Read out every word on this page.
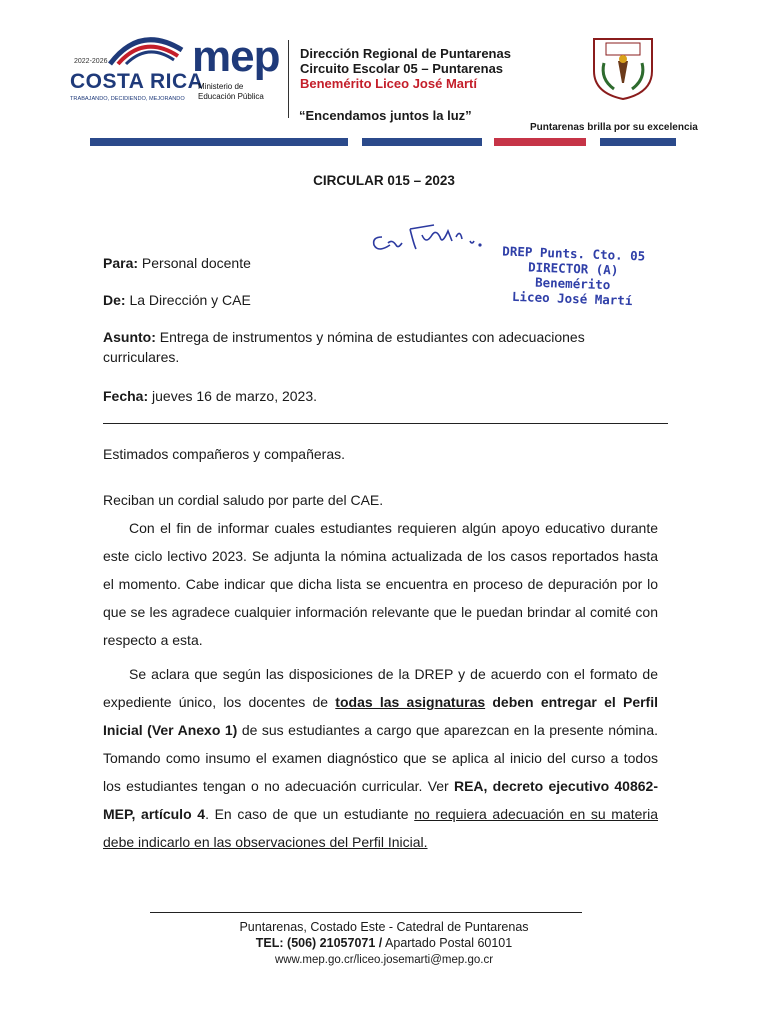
2022-2026
COSTA RICA
TRABAJANDO, DECIDIENDO, MEJORANDO
mep
Ministerio de
Educación Pública
Dirección Regional de Puntarenas
Circuito Escolar 05 – Puntarenas
Benemérito Liceo José Martí
“Encendamos juntos la luz”
Puntarenas brilla por su excelencia
CIRCULAR 015 – 2023
DREP Punts. Cto. 05
DIRECTOR (A)
Benemérito
Liceo José Martí
Para: Personal docente
De: La Dirección y CAE
Asunto: Entrega de instrumentos y nómina de estudiantes con adecuaciones curriculares.
Fecha: jueves 16 de marzo, 2023.
Estimados compañeros y compañeras.
Reciban un cordial saludo por parte del CAE.
Con el fin de informar cuales estudiantes requieren algún apoyo educativo durante este ciclo lectivo 2023. Se adjunta la nómina actualizada de los casos reportados hasta el momento. Cabe indicar que dicha lista se encuentra en proceso de depuración por lo que se les agradece cualquier información relevante que le puedan brindar al comité con respecto a esta.
Se aclara que según las disposiciones de la DREP y de acuerdo con el formato de expediente único, los docentes de todas las asignaturas deben entregar el Perfil Inicial (Ver Anexo 1) de sus estudiantes a cargo que aparezcan en la presente nómina. Tomando como insumo el examen diagnóstico que se aplica al inicio del curso a todos los estudiantes tengan o no adecuación curricular. Ver REA, decreto ejecutivo 40862-MEP, artículo 4. En caso de que un estudiante no requiera adecuación en su materia debe indicarlo en las observaciones del Perfil Inicial.
Puntarenas, Costado Este - Catedral de Puntarenas
TEL: (506) 21057071 / Apartado Postal 60101
www.mep.go.cr/liceo.josemarti@mep.go.cr
